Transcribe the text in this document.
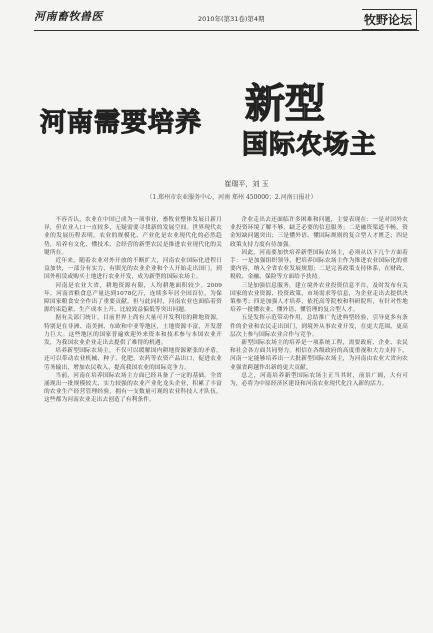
河南畜牧兽医	2010年(第31卷)第4期	牧野论坛
河南需要培养 新型
国际农场主
崔瑞平，刘 玉
（1.郑州市农业服务中心，河南 郑州 450000；2.河南日报社）

不容否认，农业在中国已成为一项事业，畜牧业整体发展日新月异，但农业人口一直较多，无疑需要寻找新的发展空间。世界现代农业的发展历程表明，农业的规模化、产业化是农业现代化的必然趋势，培养有文化、懂技术、会经营的新型农民是推进农业现代化的关键所在。

近年来，随着农业对外开放的不断扩大，河南农业国际化进程日益加快，一部分有实力、有眼光的农业企业和个人开始走出国门，到国外租赁或购买土地进行农业开发，成为新型的国际农场主。

河南是农业大省，耕地资源有限，人均耕地面积较少。2009年，河南省粮食总产量达到1078亿斤，连续多年居全国首位，为保障国家粮食安全作出了重要贡献。但与此同时，河南农业也面临着资源约束趋紧、生产成本上升、比较效益偏低等突出问题。

据有关部门统计，目前世界上尚有大量可开发利用的耕地资源，特别是在非洲、南美洲、东欧和中亚等地区，土地资源丰富，开发潜力巨大。这些地区的国家普遍欢迎外来资本和技术参与本国农业开发，为我国农业企业走出去提供了难得的机遇。

培养新型国际农场主，不仅可以缓解国内耕地资源紧张的矛盾，还可以带动农业机械、种子、化肥、农药等农资产品出口，促进农业劳务输出，增加农民收入，提高我国农业的国际竞争力。

当前，河南在培养国际农场主方面已经具备了一定的基础。全省涌现出一批规模较大、实力较强的农业产业化龙头企业，积累了丰富的农业生产经营管理经验，拥有一支数量可观的农业科技人才队伍，这些都为河南农业走出去创造了有利条件。

企业走出去还面临许多困难和问题，主要表现在：一是对国外农业投资环境了解不够，缺乏必要的信息服务；二是融资渠道不畅，资金短缺问题突出；三是懂外语、懂国际规则的复合型人才匮乏；四是政策支持力度有待加强。

因此，河南要加快培养新型国际农场主，必须从以下几个方面着手：一是加强组织领导，把培养国际农场主作为推进农业国际化的重要内容，纳入全省农业发展规划；二是完善政策支持体系，在财政、税收、金融、保险等方面给予扶持。

三是加强信息服务，建立境外农业投资信息平台，及时发布有关国家的农业资源、投资政策、市场需求等信息，为企业走出去提供决策参考；四是加强人才培养，依托高等院校和科研院所，有针对性地培养一批懂农业、懂外语、懂管理的复合型人才。

五是发挥示范带动作用，总结推广先进典型经验，引导更多有条件的企业和农民走出国门，到境外从事农业开发，在更大范围、更高层次上参与国际农业合作与竞争。

新型国际农场主的培养是一项系统工程，需要政府、企业、农民和社会各方面共同努力。相信在各级政府的高度重视和大力支持下，河南一定能够培养出一大批新型国际农场主，为河南由农业大省向农业强省跨越作出新的更大贡献。

总之，河南培养新型国际农场主正当其时，前景广阔，大有可为，必将为中原经济区建设和河南农业现代化注入新的活力。
